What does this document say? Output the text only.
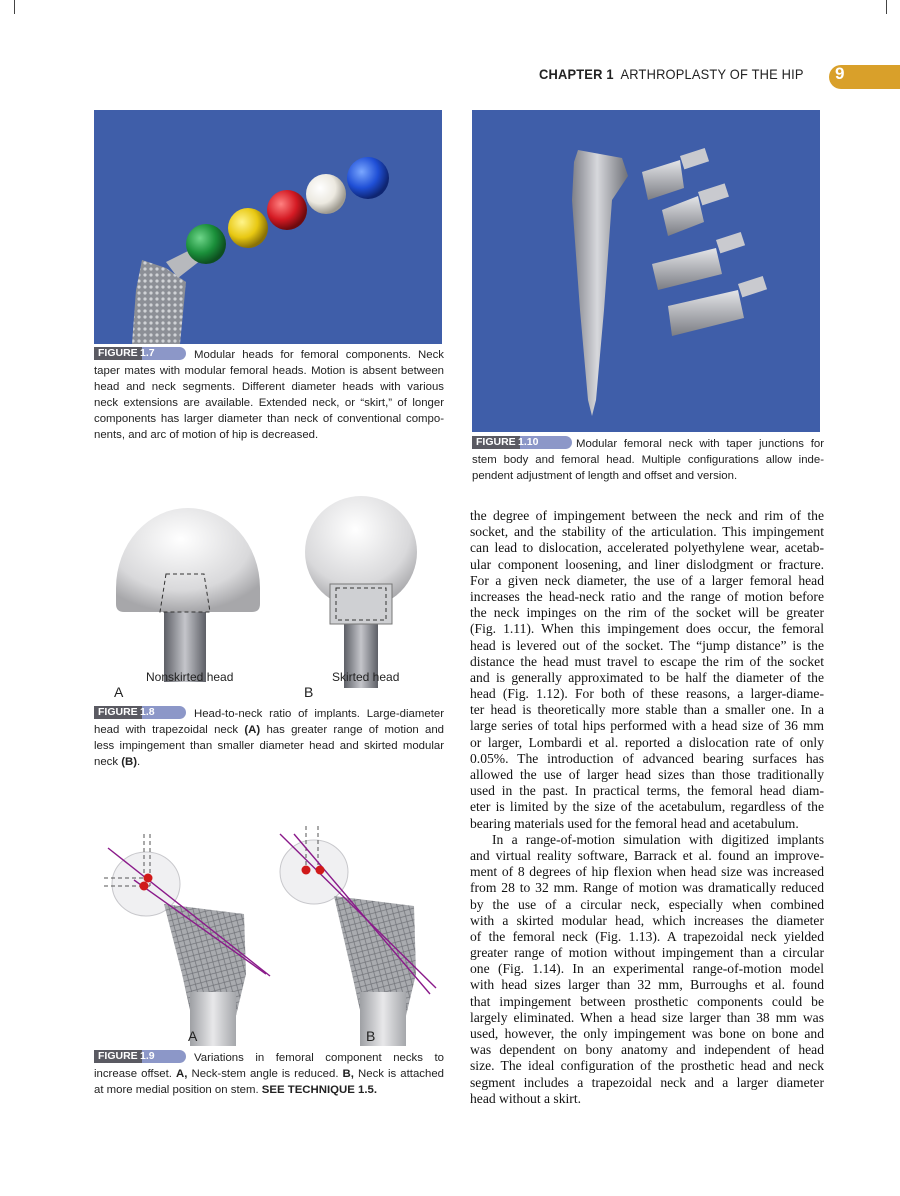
CHAPTER 1 ARTHROPLASTY OF THE HIP 9
FIGURE 1.7	Modular heads for femoral components. Neck
taper mates with modular femoral heads. Motion is absent between
head and neck segments. Different diameter heads with various
neck extensions are available. Extended neck, or “skirt,” of longer
components has larger diameter than neck of conventional compo-
nents, and arc of motion of hip is decreased.
FIGURE 1.10	Modular femoral neck with taper junctions for
stem body and femoral head. Multiple configurations allow inde-
pendent adjustment of length and offset and version.
Nonskirted head	Skirted head
A	B
FIGURE 1.8	Head-to-neck ratio of implants. Large-diameter
head with trapezoidal neck (A) has greater range of motion and
less impingement than smaller diameter head and skirted modular
neck (B).
A	B
FIGURE 1.9	Variations in femoral component necks to
increase offset. A, Neck-stem angle is reduced. B, Neck is attached
at more medial position on stem. SEE TECHNIQUE 1.5.
the degree of impingement between the neck and rim of the
socket, and the stability of the articulation. This impingement
can lead to dislocation, accelerated polyethylene wear, acetab-
ular component loosening, and liner dislodgment or fracture.
For a given neck diameter, the use of a larger femoral head
increases the head-neck ratio and the range of motion before
the neck impinges on the rim of the socket will be greater
(Fig. 1.11). When this impingement does occur, the femoral
head is levered out of the socket. The “jump distance” is the
distance the head must travel to escape the rim of the socket
and is generally approximated to be half the diameter of the
head (Fig. 1.12). For both of these reasons, a larger-diame-
ter head is theoretically more stable than a smaller one. In a
large series of total hips performed with a head size of 36 mm
or larger, Lombardi et al. reported a dislocation rate of only
0.05%. The introduction of advanced bearing surfaces has
allowed the use of larger head sizes than those traditionally
used in the past. In practical terms, the femoral head diam-
eter is limited by the size of the acetabulum, regardless of the
bearing materials used for the femoral head and acetabulum.
In a range-of-motion simulation with digitized implants
and virtual reality software, Barrack et al. found an improve-
ment of 8 degrees of hip flexion when head size was increased
from 28 to 32 mm. Range of motion was dramatically reduced
by the use of a circular neck, especially when combined
with a skirted modular head, which increases the diameter
of the femoral neck (Fig. 1.13). A trapezoidal neck yielded
greater range of motion without impingement than a circular
one (Fig. 1.14). In an experimental range-of-motion model
with head sizes larger than 32 mm, Burroughs et al. found
that impingement between prosthetic components could be
largely eliminated. When a head size larger than 38 mm was
used, however, the only impingement was bone on bone and
was dependent on bony anatomy and independent of head
size. The ideal configuration of the prosthetic head and neck
segment includes a trapezoidal neck and a larger diameter
head without a skirt.
